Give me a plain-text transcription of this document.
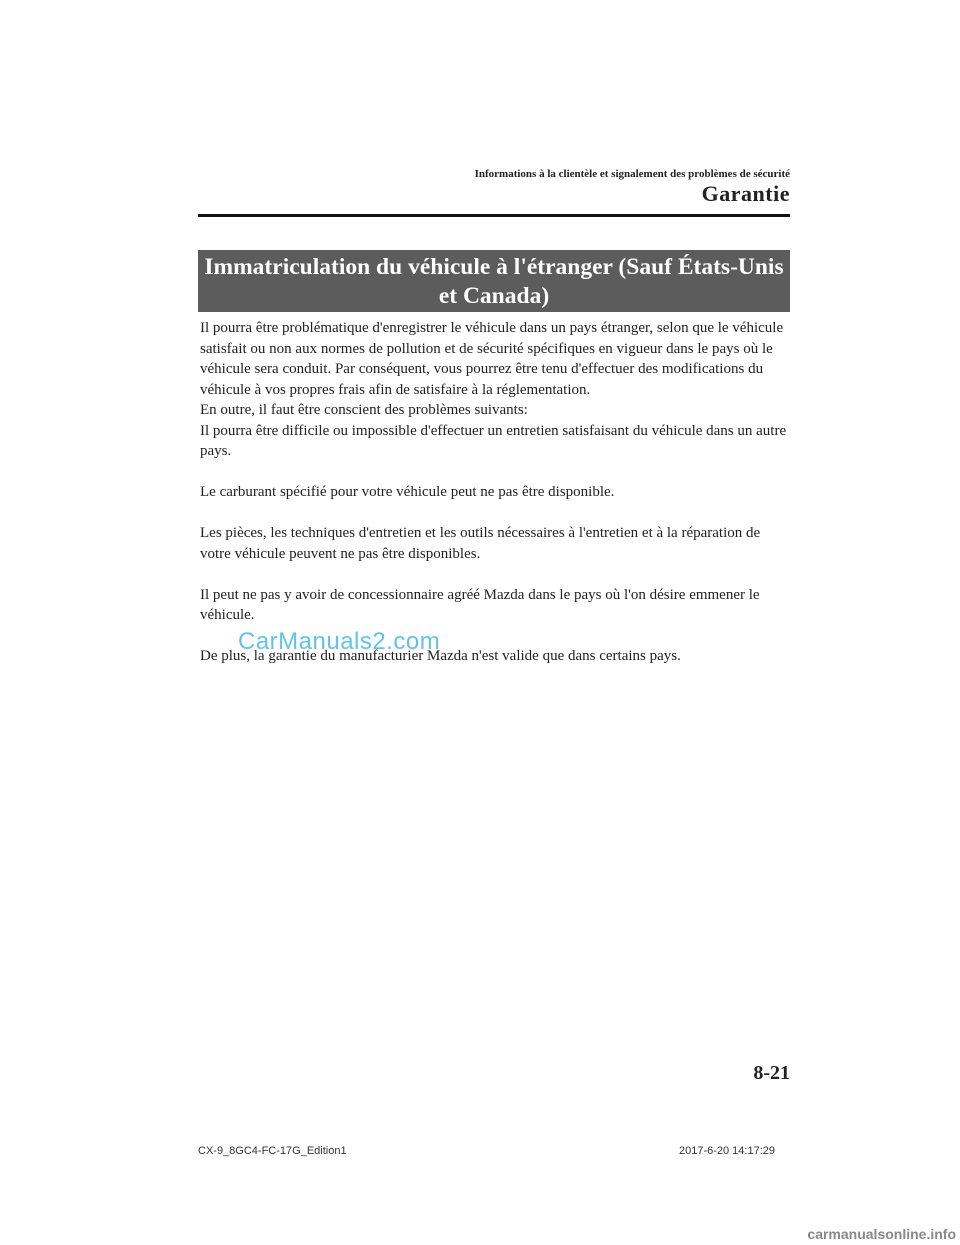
Informations à la clientèle et signalement des problèmes de sécurité
Garantie
Immatriculation du véhicule à l'étranger (Sauf États-Unis
et Canada)

Il pourra être problématique d'enregistrer le véhicule dans un pays étranger, selon que le véhicule satisfait ou non aux normes de pollution et de sécurité spécifiques en vigueur dans le pays où le véhicule sera conduit. Par conséquent, vous pourrez être tenu d'effectuer des modifications du véhicule à vos propres frais afin de satisfaire à la réglementation.

En outre, il faut être conscient des problèmes suivants:

Il pourra être difficile ou impossible d'effectuer un entretien satisfaisant du véhicule dans un autre pays.

Le carburant spécifié pour votre véhicule peut ne pas être disponible.

Les pièces, les techniques d'entretien et les outils nécessaires à l'entretien et à la réparation de votre véhicule peuvent ne pas être disponibles.

Il peut ne pas y avoir de concessionnaire agréé Mazda dans le pays où l'on désire emmener le véhicule.

De plus, la garantie du manufacturier Mazda n'est valide que dans certains pays.

CarManuals2.com
8-21
CX-9_8GC4-FC-17G_Edition1	2017-6-20 14:17:29
carmanualsonline.info
